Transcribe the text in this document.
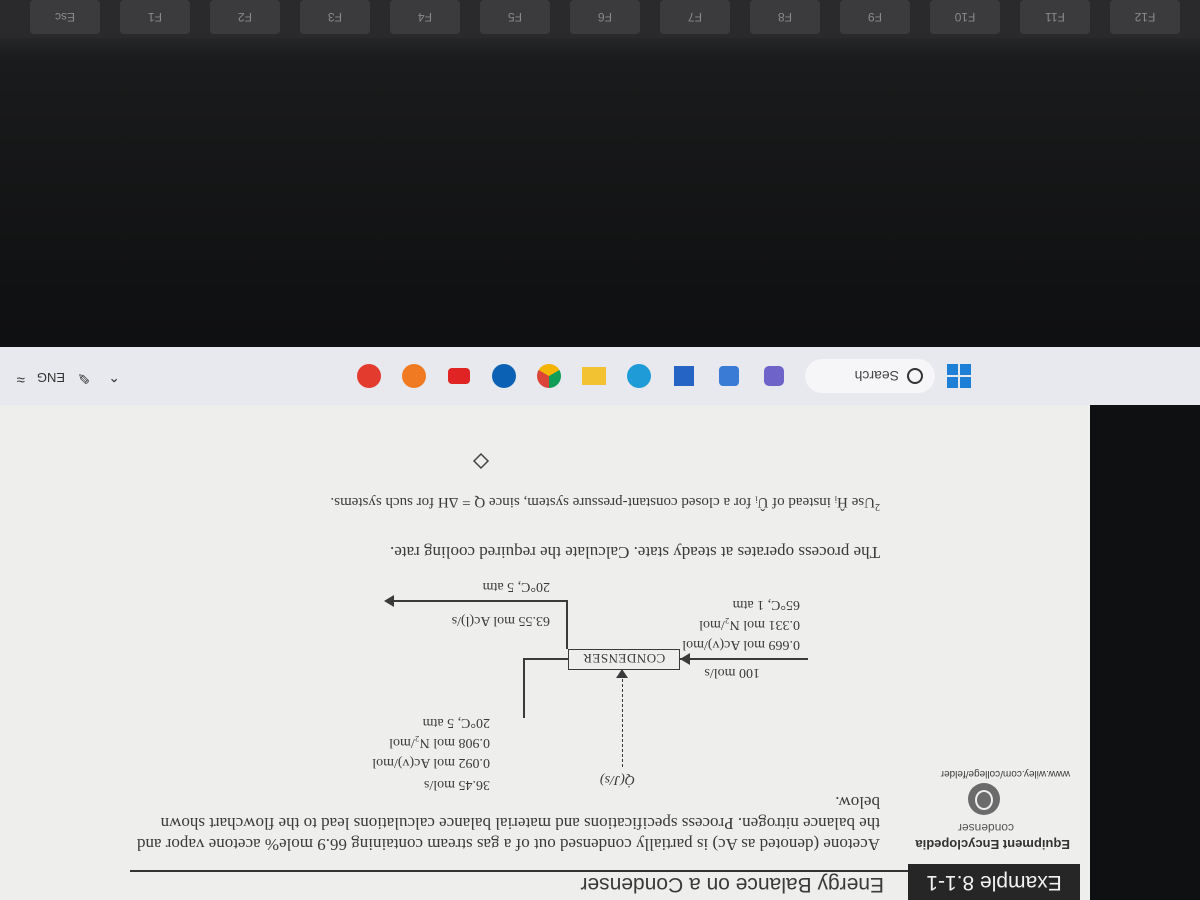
Example 8.1-1
Energy Balance on a Condenser
Equipment Encyclopedia
condenser
www.wiley.com/college/felder
Acetone (denoted as Ac) is partially condensed out of a gas stream containing 66.9 mole% acetone vapor and the balance nitrogen. Process specifications and material balance calculations lead to the flowchart shown below.
36.45 mol/s
0.092 mol Ac(v)/mol
0.908 mol N₂/mol
20°C, 5 atm
Q̇(J/s)
100 mol/s
0.669 mol Ac(v)/mol
0.331 mol N₂/mol
65°C, 1 atm
CONDENSER
63.55 mol Ac(l)/s
20°C, 5 atm
The process operates at steady state. Calculate the required cooling rate.
$^2$Use Ĥᵢ instead of Ûᵢ for a closed constant-pressure system, since Q = ΔH for such systems.
Search
⌃
✎
ENG
≈
F12
F11
F10
F9
F8
F7
F6
F5
F4
F3
F2
F1
Esc
